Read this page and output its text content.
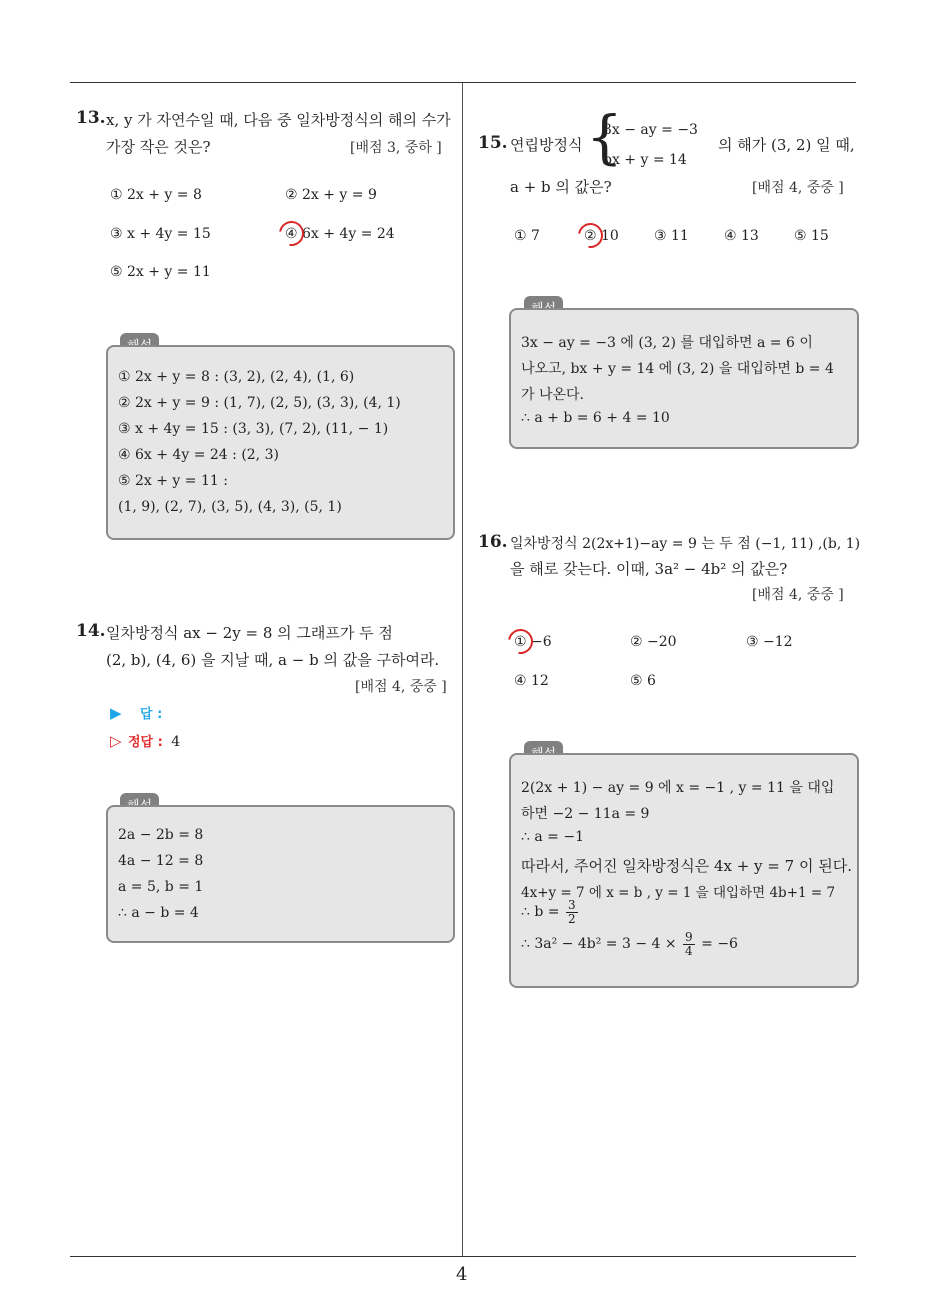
4
13. x, y 가 자연수일 때, 다음 중 일차방정식의 해의 수가
가장 작은 것은?	[배점 3, 중하 ]
① 2x + y = 8	② 2x + y = 9
③ x + 4y = 15	④ 6x + 4y = 24
⑤ 2x + y = 11
① 2x + y = 8 : (3, 2), (2, 4), (1, 6)
② 2x + y = 9 : (1, 7), (2, 5), (3, 3), (4, 1)
③ x + 4y = 15 : (3, 3), (7, 2), (11, − 1)
④ 6x + 4y = 24 : (2, 3)
⑤ 2x + y = 11 :
(1, 9), (2, 7), (3, 5), (4, 3), (5, 1)
14. 일차방정식 ax − 2y = 8 의 그래프가 두 점
(2, b), (4, 6) 을 지날 때, a − b 의 값을 구하여라.
[배점 4, 중중 ]
▶ 답 :
▷ 정답 : 4
2a − 2b = 8
4a − 12 = 8
a = 5, b = 1
∴ a − b = 4
15. 연립방정식 {
3x − ay = −3
bx + y = 14
의 해가 (3, 2) 일 때,
a + b 의 값은?	[배점 4, 중중 ]
① 7	② 10	③ 11	④ 13	⑤ 15
3x − ay = −3 에 (3, 2) 를 대입하면 a = 6 이
나오고, bx + y = 14 에 (3, 2) 을 대입하면 b = 4
가 나온다.
∴ a + b = 6 + 4 = 10
16. 일차방정식 2(2x+1)−ay = 9 는 두 점 (−1, 11) ,(b, 1)
을 해로 갖는다. 이때, 3a² − 4b² 의 값은?
[배점 4, 중중 ]
① −6	② −20	③ −12
④ 12	⑤ 6
2(2x + 1) − ay = 9 에 x = −1 , y = 11 을 대입
하면 −2 − 11a = 9
∴ a = −1
따라서, 주어진 일차방정식은 4x + y = 7 이 된다.
4x+y = 7 에 x = b , y = 1 을 대입하면 4b+1 = 7
∴ $b = \frac{3}{2}$
∴ $3a^2 - 4b^2 = 3 - 4 \times \frac{9}{4} = -6$
